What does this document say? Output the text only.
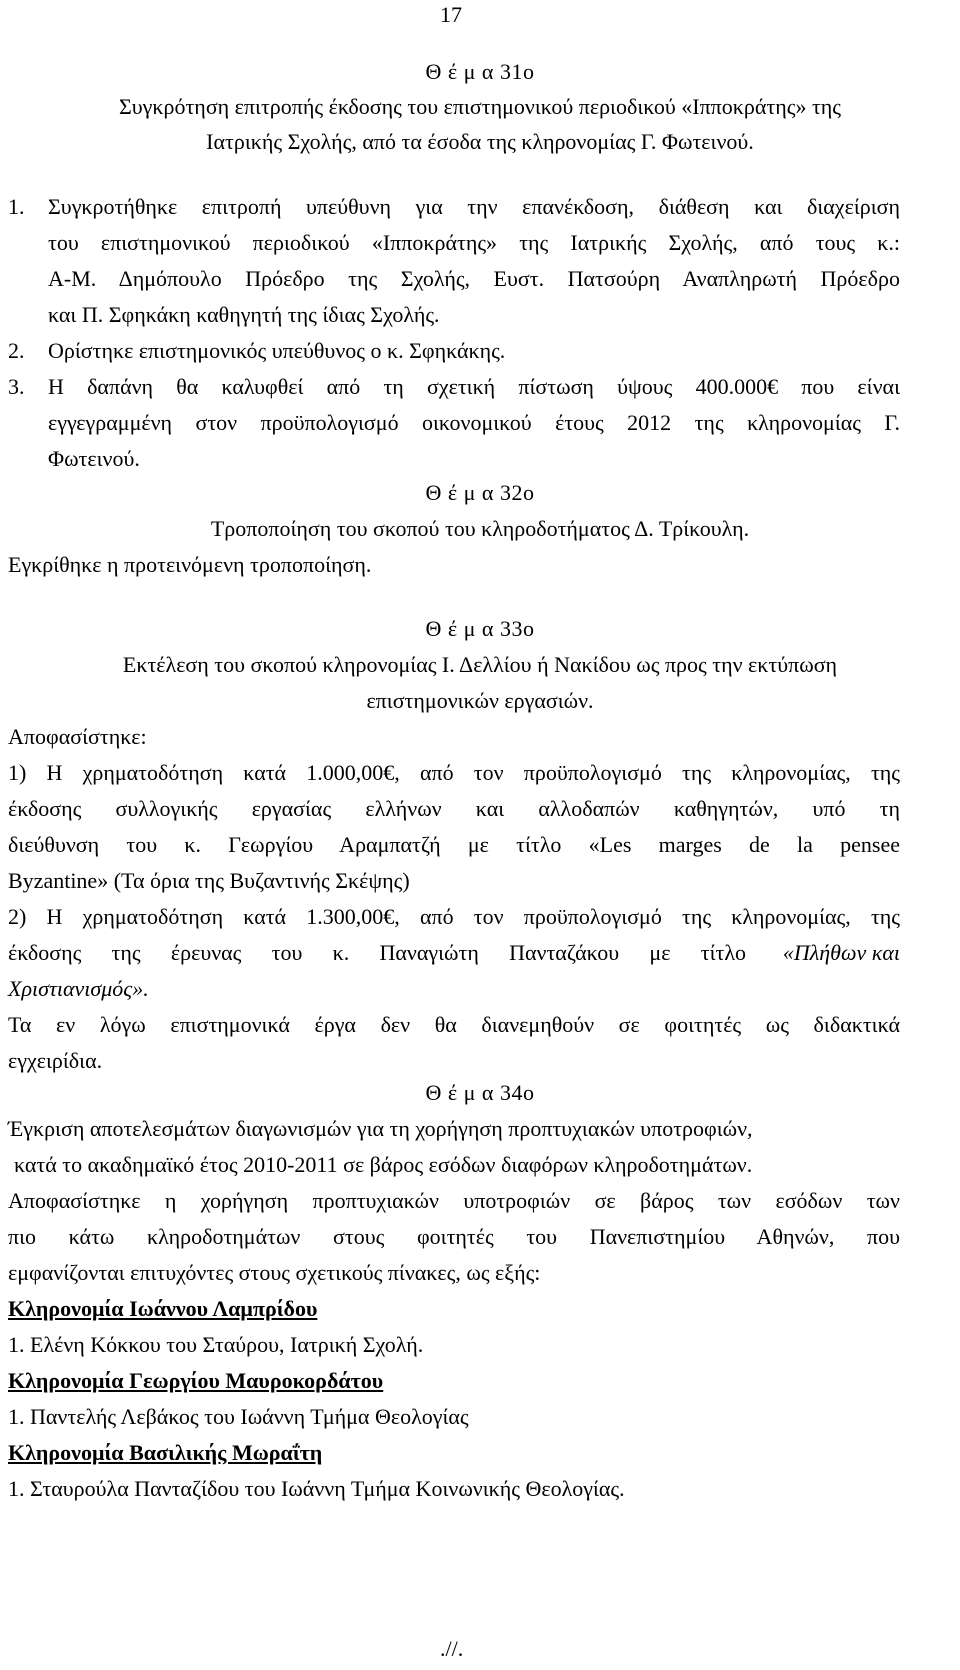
17
Θ έ μ α 31ο
Συγκρότηση επιτροπής έκδοσης του επιστημονικού περιοδικού «Ιπποκράτης» της
Ιατρικής Σχολής, από τα έσοδα της κληρονομίας Γ. Φωτεινού.
1. Συγκροτήθηκε επιτροπή υπεύθυνη για την επανέκδοση, διάθεση και διαχείριση
του επιστημονικού περιοδικού «Ιπποκράτης» της Ιατρικής Σχολής, από τους κ.:
Α-Μ. Δημόπουλο Πρόεδρο της Σχολής, Ευστ. Πατσούρη Αναπληρωτή Πρόεδρο
και Π. Σφηκάκη καθηγητή της ίδιας Σχολής.
2. Ορίστηκε επιστημονικός υπεύθυνος ο κ. Σφηκάκης.
3. Η δαπάνη θα καλυφθεί από τη σχετική πίστωση ύψους 400.000€ που είναι
εγγεγραμμένη στον προϋπολογισμό οικονομικού έτους 2012 της κληρονομίας Γ.
Φωτεινού.
Θ έ μ α 32ο
Τροποποίηση του σκοπού του κληροδοτήματος Δ. Τρίκουλη.
Εγκρίθηκε η προτεινόμενη τροποποίηση.
Θ έ μ α 33ο
Εκτέλεση του σκοπού κληρονομίας Ι. Δελλίου ή Νακίδου ως προς την εκτύπωση
επιστημονικών εργασιών.
Αποφασίστηκε:
1) Η χρηματοδότηση κατά 1.000,00€, από τον προϋπολογισμό της κληρονομίας, της
έκδοσης συλλογικής εργασίας ελλήνων και αλλοδαπών καθηγητών, υπό τη
διεύθυνση του κ. Γεωργίου Αραμπατζή με τίτλο «Les marges de la pensee
Byzantine» (Τα όρια της Βυζαντινής Σκέψης)
2) Η χρηματοδότηση κατά 1.300,00€, από τον προϋπολογισμό της κληρονομίας, της
έκδοσης της έρευνας του κ. Παναγιώτη Πανταζάκου με τίτλο «Πλήθων και
Χριστιανισμός».
Τα εν λόγω επιστημονικά έργα δεν θα διανεμηθούν σε φοιτητές ως διδακτικά
εγχειρίδια.
Θ έ μ α 34ο
Έγκριση αποτελεσμάτων διαγωνισμών για τη χορήγηση προπτυχιακών υποτροφιών,
κατά το ακαδημαϊκό έτος 2010-2011 σε βάρος εσόδων διαφόρων κληροδοτημάτων.
Αποφασίστηκε η χορήγηση προπτυχιακών υποτροφιών σε βάρος των εσόδων των
πιο κάτω κληροδοτημάτων στους φοιτητές του Πανεπιστημίου Αθηνών, που
εμφανίζονται επιτυχόντες στους σχετικούς πίνακες, ως εξής:
Κληρονομία Ιωάννου Λαμπρίδου
1. Ελένη Κόκκου του Σταύρου, Ιατρική Σχολή.
Κληρονομία Γεωργίου Μαυροκορδάτου
1. Παντελής Λεβάκος του Ιωάννη Τμήμα Θεολογίας
Κληρονομία Βασιλικής Μωραΐτη
1. Σταυρούλα Πανταζίδου του Ιωάννη Τμήμα Κοινωνικής Θεολογίας.
.//.
